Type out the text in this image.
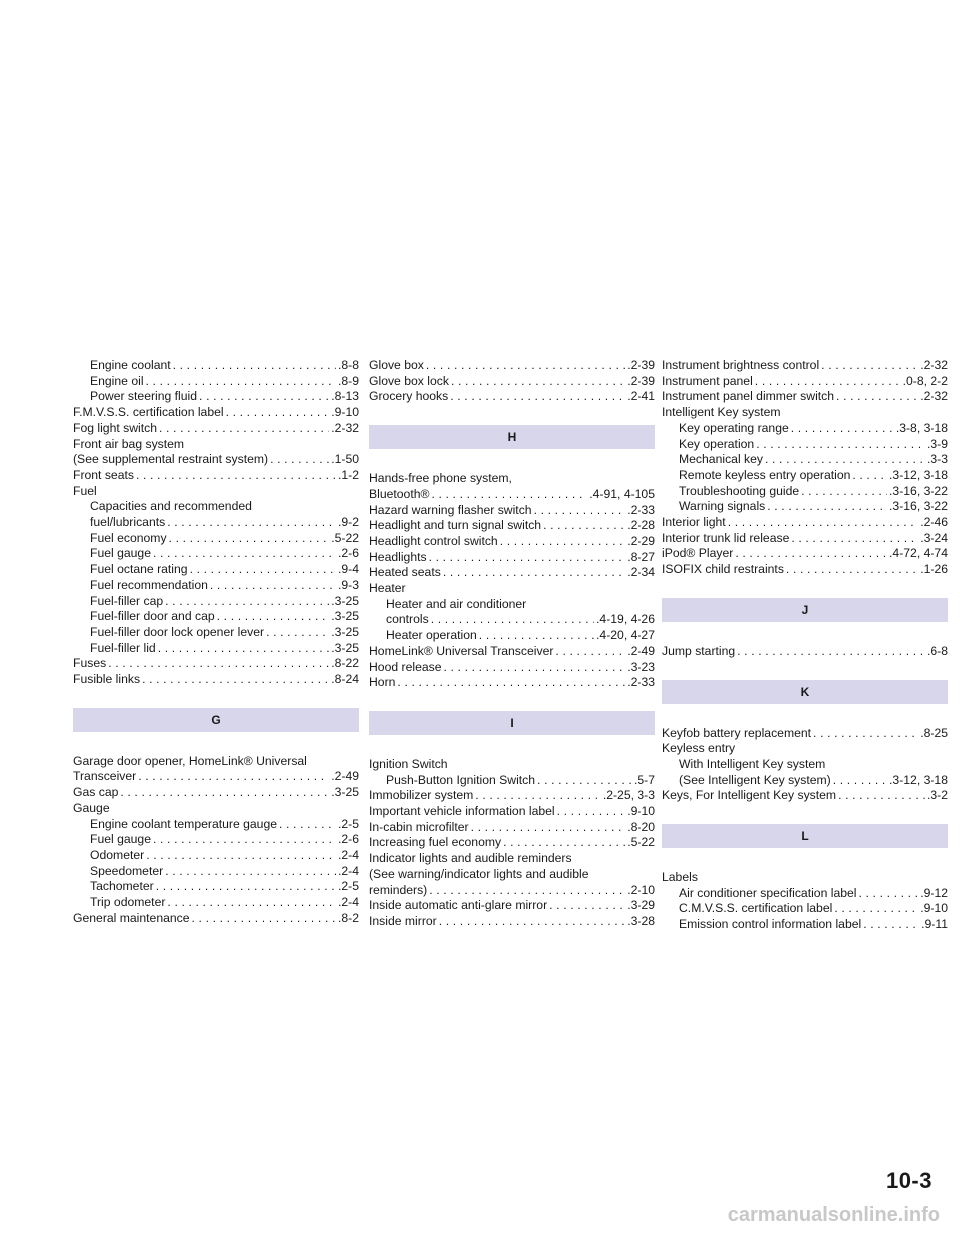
Engine coolant . . .	.8-8
Engine oil . . .	.8-9
Power steering fluid . . .	.8-13
F.M.V.S.S. certification label . . .	.9-10
Fog light switch . . .	.2-32
Front air bag system
(See supplemental restraint system) . . .	.1-50
Front seats . . .	.1-2
Fuel
Capacities and recommended
fuel/lubricants . . .	.9-2
Fuel economy . . .	.5-22
Fuel gauge . . .	.2-6
Fuel octane rating . . .	.9-4
Fuel recommendation . . .	.9-3
Fuel-filler cap . . .	.3-25
Fuel-filler door and cap . . .	.3-25
Fuel-filler door lock opener lever . . .	.3-25
Fuel-filler lid . . .	.3-25
Fuses . . .	.8-22
Fusible links . . .	.8-24
G
Garage door opener, HomeLink® Universal
Transceiver . . .	.2-49
Gas cap . . .	.3-25
Gauge
Engine coolant temperature gauge . . .	.2-5
Fuel gauge . . .	.2-6
Odometer . . .	.2-4
Speedometer . . .	.2-4
Tachometer . . .	.2-5
Trip odometer . . .	.2-4
General maintenance . . .	.8-2
Glove box . . .	.2-39
Glove box lock . . .	.2-39
Grocery hooks . . .	.2-41
H
Hands-free phone system,
Bluetooth® . . .	.4-91, 4-105
Hazard warning flasher switch . . .	.2-33
Headlight and turn signal switch . . .	.2-28
Headlight control switch . . .	.2-29
Headlights . . .	.8-27
Heated seats . . .	.2-34
Heater
Heater and air conditioner
controls . . .	.4-19, 4-26
Heater operation . . .	.4-20, 4-27
HomeLink® Universal Transceiver . . .	.2-49
Hood release . . .	.3-23
Horn . . .	.2-33
I
Ignition Switch
Push-Button Ignition Switch . . .	.5-7
Immobilizer system . . .	.2-25, 3-3
Important vehicle information label . . .	.9-10
In-cabin microfilter . . .	.8-20
Increasing fuel economy . . .	.5-22
Indicator lights and audible reminders
(See warning/indicator lights and audible
reminders) . . .	.2-10
Inside automatic anti-glare mirror . . .	.3-29
Inside mirror . . .	.3-28
Instrument brightness control . . .	.2-32
Instrument panel . . .	.0-8, 2-2
Instrument panel dimmer switch . . .	.2-32
Intelligent Key system
Key operating range . . .	.3-8, 3-18
Key operation . . .	.3-9
Mechanical key . . .	.3-3
Remote keyless entry operation . . .	.3-12, 3-18
Troubleshooting guide . . .	.3-16, 3-22
Warning signals . . .	.3-16, 3-22
Interior light . . .	.2-46
Interior trunk lid release . . .	.3-24
iPod® Player . . .	.4-72, 4-74
ISOFIX child restraints . . .	.1-26
J
Jump starting . . .	.6-8
K
Keyfob battery replacement . . .	.8-25
Keyless entry
With Intelligent Key system
(See Intelligent Key system) . . .	.3-12, 3-18
Keys, For Intelligent Key system . . .	.3-2
L
Labels
Air conditioner specification label . . .	.9-12
C.M.V.S.S. certification label . . .	.9-10
Emission control information label . . .	.9-11
10-3
carmanualsonline.info
